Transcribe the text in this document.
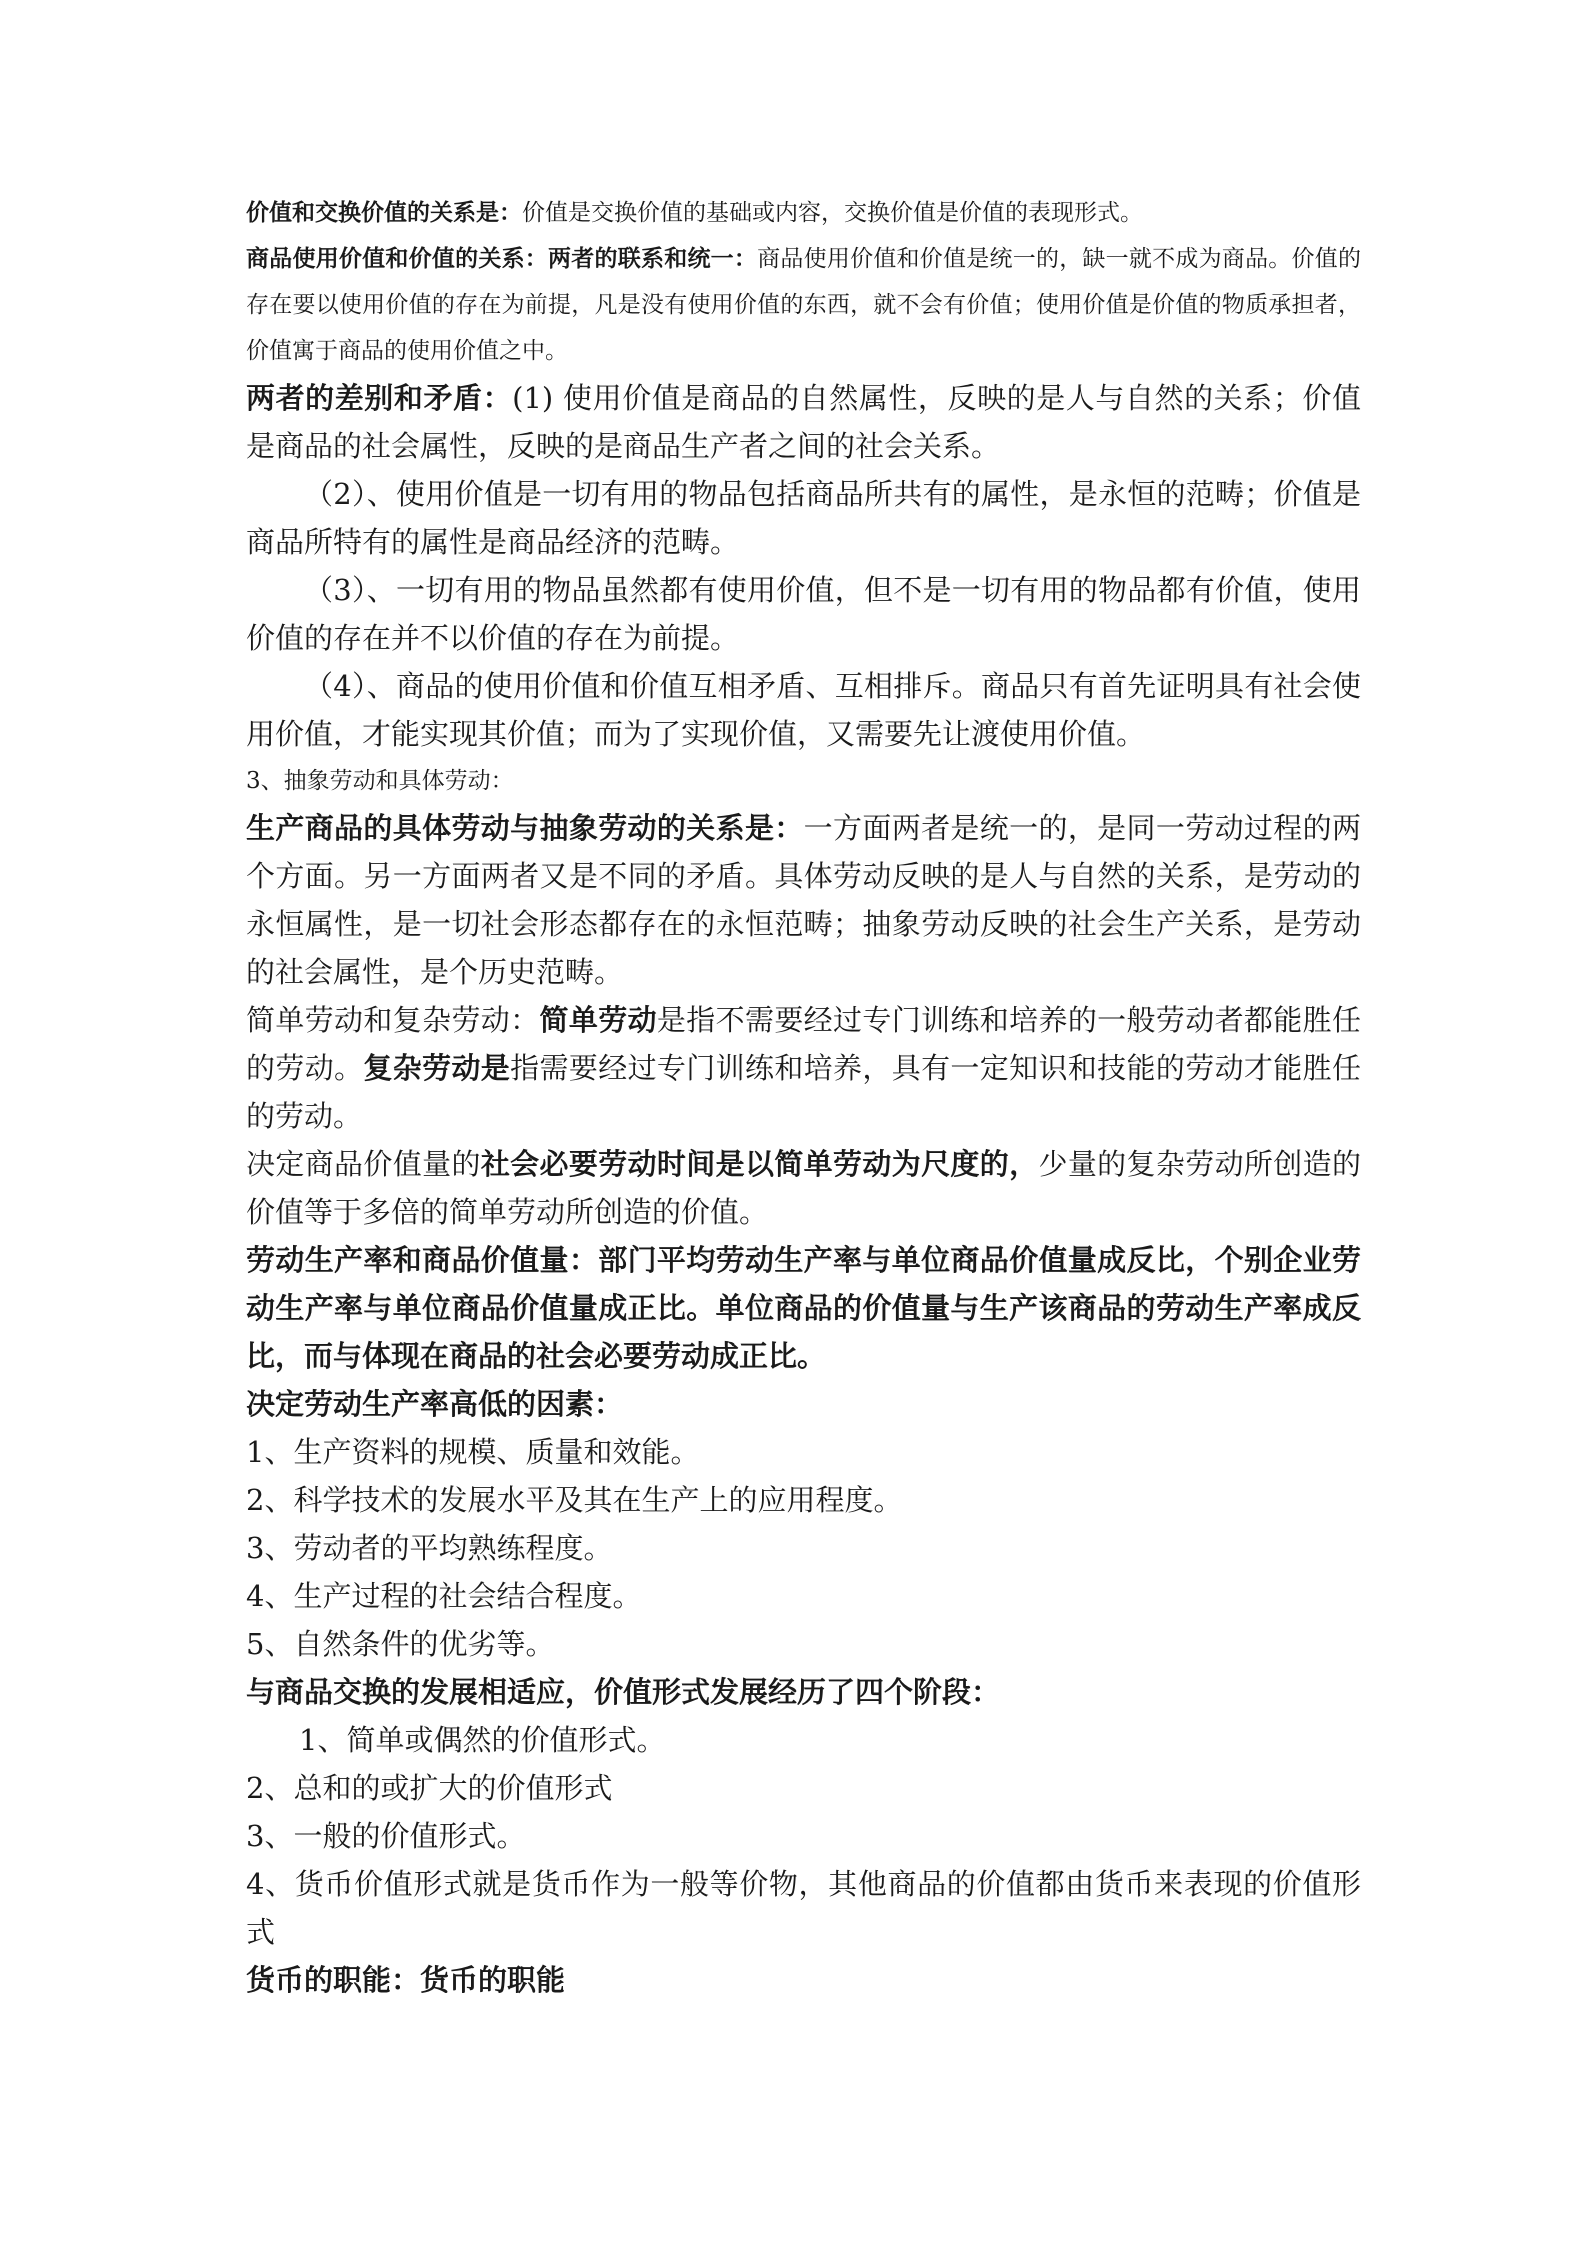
价值和交换价值的关系是：价值是交换价值的基础或内容，交换价值是价值的表现形式。

商品使用价值和价值的关系：两者的联系和统一：商品使用价值和价值是统一的，缺一就不成为商品。价值的存在要以使用价值的存在为前提，凡是没有使用价值的东西，就不会有价值；使用价值是价值的物质承担者，价值寓于商品的使用价值之中。

两者的差别和矛盾：(1) 使用价值是商品的自然属性，反映的是人与自然的关系；价值是商品的社会属性，反映的是商品生产者之间的社会关系。

（2）、使用价值是一切有用的物品包括商品所共有的属性，是永恒的范畴；价值是商品所特有的属性是商品经济的范畴。

（3）、一切有用的物品虽然都有使用价值，但不是一切有用的物品都有价值，使用价值的存在并不以价值的存在为前提。

（4）、商品的使用价值和价值互相矛盾、互相排斥。商品只有首先证明具有社会使用价值，才能实现其价值；而为了实现价值，又需要先让渡使用价值。

3、抽象劳动和具体劳动：

生产商品的具体劳动与抽象劳动的关系是：一方面两者是统一的，是同一劳动过程的两个方面。另一方面两者又是不同的矛盾。具体劳动反映的是人与自然的关系，是劳动的永恒属性，是一切社会形态都存在的永恒范畴；抽象劳动反映的社会生产关系，是劳动的社会属性，是个历史范畴。

简单劳动和复杂劳动：简单劳动是指不需要经过专门训练和培养的一般劳动者都能胜任的劳动。复杂劳动是指需要经过专门训练和培养，具有一定知识和技能的劳动才能胜任的劳动。

决定商品价值量的社会必要劳动时间是以简单劳动为尺度的，少量的复杂劳动所创造的价值等于多倍的简单劳动所创造的价值。

劳动生产率和商品价值量：部门平均劳动生产率与单位商品价值量成反比，个别企业劳动生产率与单位商品价值量成正比。单位商品的价值量与生产该商品的劳动生产率成反比，而与体现在商品的社会必要劳动成正比。

决定劳动生产率高低的因素：

1、生产资料的规模、质量和效能。

2、科学技术的发展水平及其在生产上的应用程度。

3、劳动者的平均熟练程度。

4、生产过程的社会结合程度。

5、自然条件的优劣等。

与商品交换的发展相适应，价值形式发展经历了四个阶段：

1、简单或偶然的价值形式。

2、总和的或扩大的价值形式

3、一般的价值形式。

4、货币价值形式就是货币作为一般等价物，其他商品的价值都由货币来表现的价值形式

货币的职能：货币的职能
